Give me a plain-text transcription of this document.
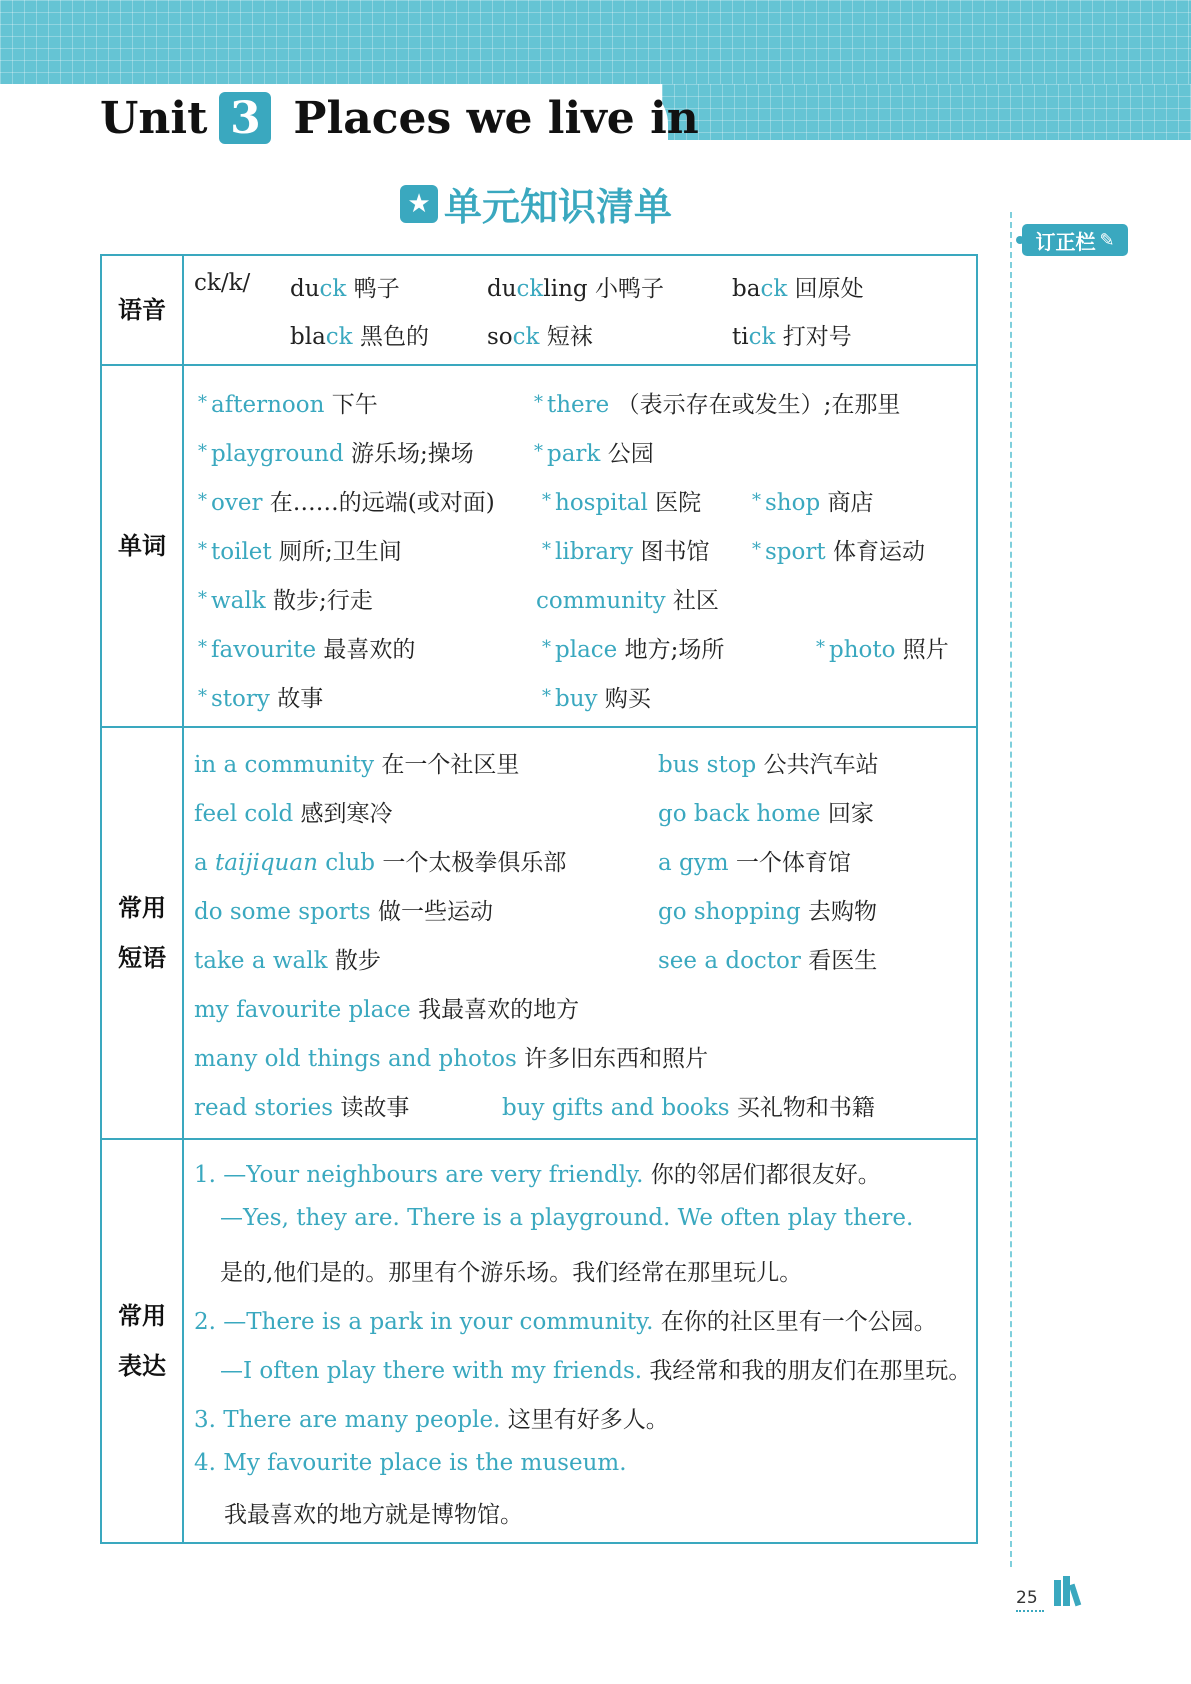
Unit 3 Places we live in
★ 单元知识清单
订正栏 ✎
语音
ck/k/ duck 鸭子	duckling 小鸭子	back 回原处
black 黑色的	sock 短袜	tick 打对号
单词
* afternoon 下午	* there （表示存在或发生）;在那里
* playground 游乐场;操场	* park 公园
* over 在……的远端(或对面)	* hospital 医院	* shop 商店
* toilet 厕所;卫生间	* library 图书馆 * sport 体育运动
* walk 散步;行走	community 社区
* favourite 最喜欢的	* place 地方;场所	* photo 照片
* story 故事	* buy 购买
常用
短语
in a community 在一个社区里	bus stop 公共汽车站
feel cold 感到寒冷	go back home 回家
a taijiquan club 一个太极拳俱乐部	a gym 一个体育馆
do some sports 做一些运动	go shopping 去购物
take a walk 散步	see a doctor 看医生
my favourite place 我最喜欢的地方
many old things and photos 许多旧东西和照片
read stories 读故事	buy gifts and books 买礼物和书籍
常用
表达
1. —Your neighbours are very friendly. 你的邻居们都很友好。
—Yes, they are. There is a playground. We often play there.
是的,他们是的。那里有个游乐场。我们经常在那里玩儿。
2. —There is a park in your community. 在你的社区里有一个公园。
—I often play there with my friends. 我经常和我的朋友们在那里玩。
3. There are many people. 这里有好多人。
4. My favourite place is the museum.
我最喜欢的地方就是博物馆。
25
